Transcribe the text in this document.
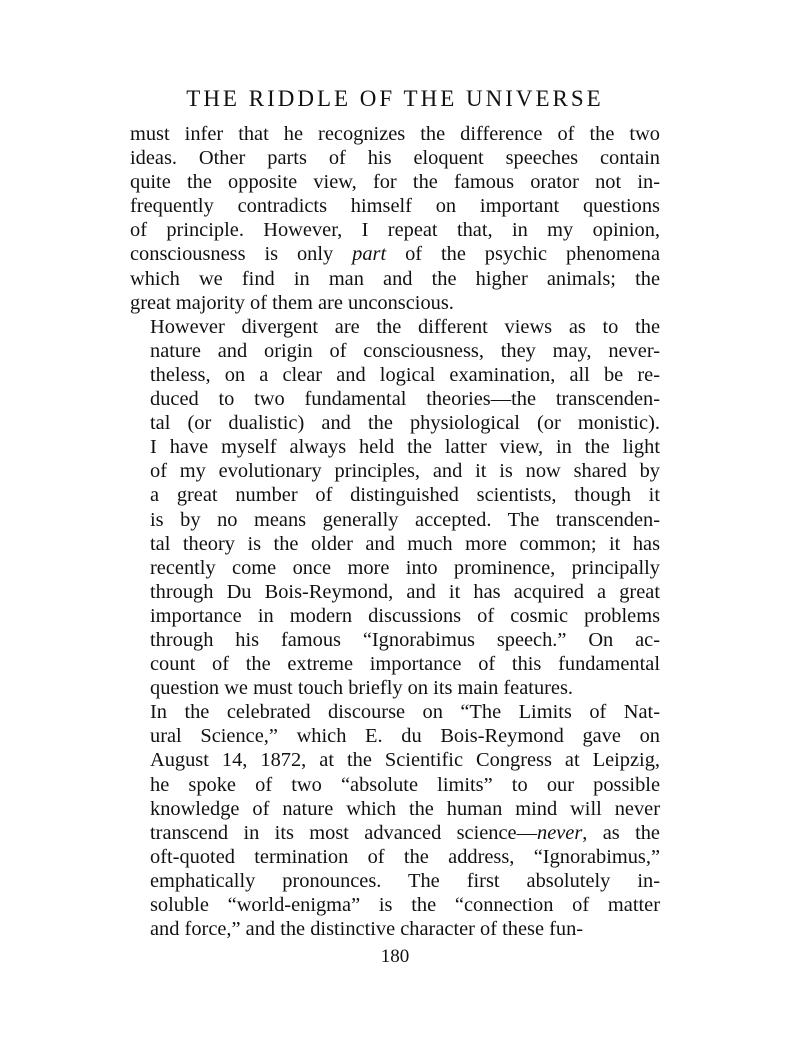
THE RIDDLE OF THE UNIVERSE
must infer that he recognizes the difference of the two
ideas. Other parts of his eloquent speeches contain
quite the opposite view, for the famous orator not in-
frequently contradicts himself on important questions
of principle. However, I repeat that, in my opinion,
consciousness is only part of the psychic phenomena
which we find in man and the higher animals; the
great majority of them are unconscious.
However divergent are the different views as to the
nature and origin of consciousness, they may, never-
theless, on a clear and logical examination, all be re-
duced to two fundamental theories—the transcenden-
tal (or dualistic) and the physiological (or monistic).
I have myself always held the latter view, in the light
of my evolutionary principles, and it is now shared by
a great number of distinguished scientists, though it
is by no means generally accepted. The transcenden-
tal theory is the older and much more common; it has
recently come once more into prominence, principally
through Du Bois-Reymond, and it has acquired a great
importance in modern discussions of cosmic problems
through his famous “Ignorabimus speech.” On ac-
count of the extreme importance of this fundamental
question we must touch briefly on its main features.
In the celebrated discourse on “The Limits of Nat-
ural Science,” which E. du Bois-Reymond gave on
August 14, 1872, at the Scientific Congress at Leipzig,
he spoke of two “absolute limits” to our possible
knowledge of nature which the human mind will never
transcend in its most advanced science—never, as the
oft-quoted termination of the address, “Ignorabimus,”
emphatically pronounces. The first absolutely in-
soluble “world-enigma” is the “connection of matter
and force,” and the distinctive character of these fun-
180
